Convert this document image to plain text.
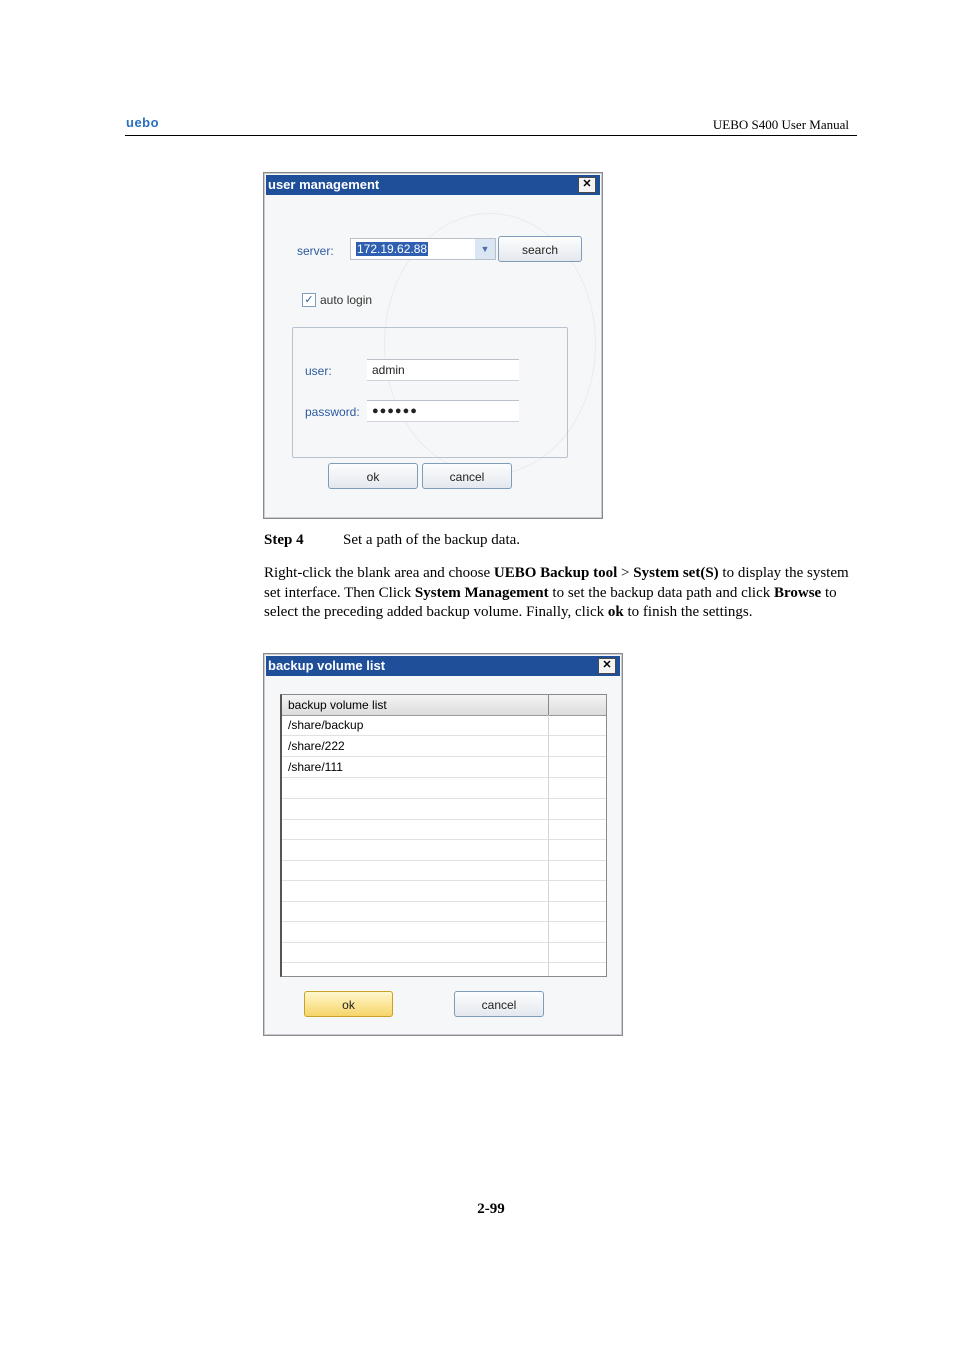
uebo	UEBO S400 User Manual
user management	✕
server: 172.19.62.88	▼	search
✓ auto login
user:	admin
password:	●●●●●●
ok	cancel
Step 4	Set a path of the backup data.
Right-click the blank area and choose UEBO Backup tool > System set(S) to display the system set interface. Then Click System Management to set the backup data path and click Browse to select the preceding added backup volume. Finally, click ok to finish the settings.
backup volume list	✕
backup volume list
/share/backup
/share/222
/share/111
ok	cancel
2-99
